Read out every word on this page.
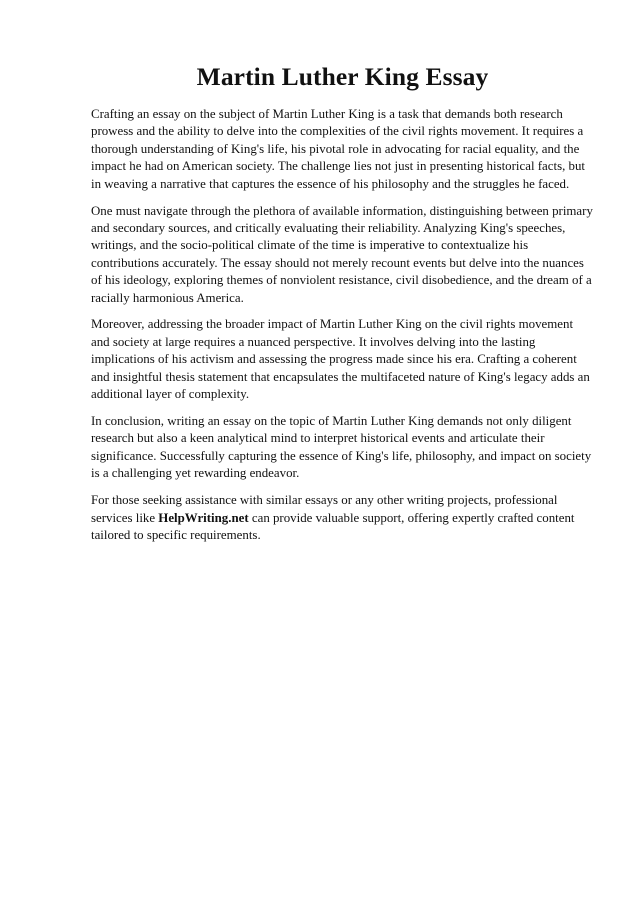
Martin Luther King Essay

Crafting an essay on the subject of Martin Luther King is a task that demands both research prowess and the ability to delve into the complexities of the civil rights movement. It requires a thorough understanding of King's life, his pivotal role in advocating for racial equality, and the impact he had on American society. The challenge lies not just in presenting historical facts, but in weaving a narrative that captures the essence of his philosophy and the struggles he faced.

One must navigate through the plethora of available information, distinguishing between primary and secondary sources, and critically evaluating their reliability. Analyzing King's speeches, writings, and the socio-political climate of the time is imperative to contextualize his contributions accurately. The essay should not merely recount events but delve into the nuances of his ideology, exploring themes of nonviolent resistance, civil disobedience, and the dream of a racially harmonious America.

Moreover, addressing the broader impact of Martin Luther King on the civil rights movement and society at large requires a nuanced perspective. It involves delving into the lasting implications of his activism and assessing the progress made since his era. Crafting a coherent and insightful thesis statement that encapsulates the multifaceted nature of King's legacy adds an additional layer of complexity.

In conclusion, writing an essay on the topic of Martin Luther King demands not only diligent research but also a keen analytical mind to interpret historical events and articulate their significance. Successfully capturing the essence of King's life, philosophy, and impact on society is a challenging yet rewarding endeavor.

For those seeking assistance with similar essays or any other writing projects, professional services like HelpWriting.net can provide valuable support, offering expertly crafted content tailored to specific requirements.
